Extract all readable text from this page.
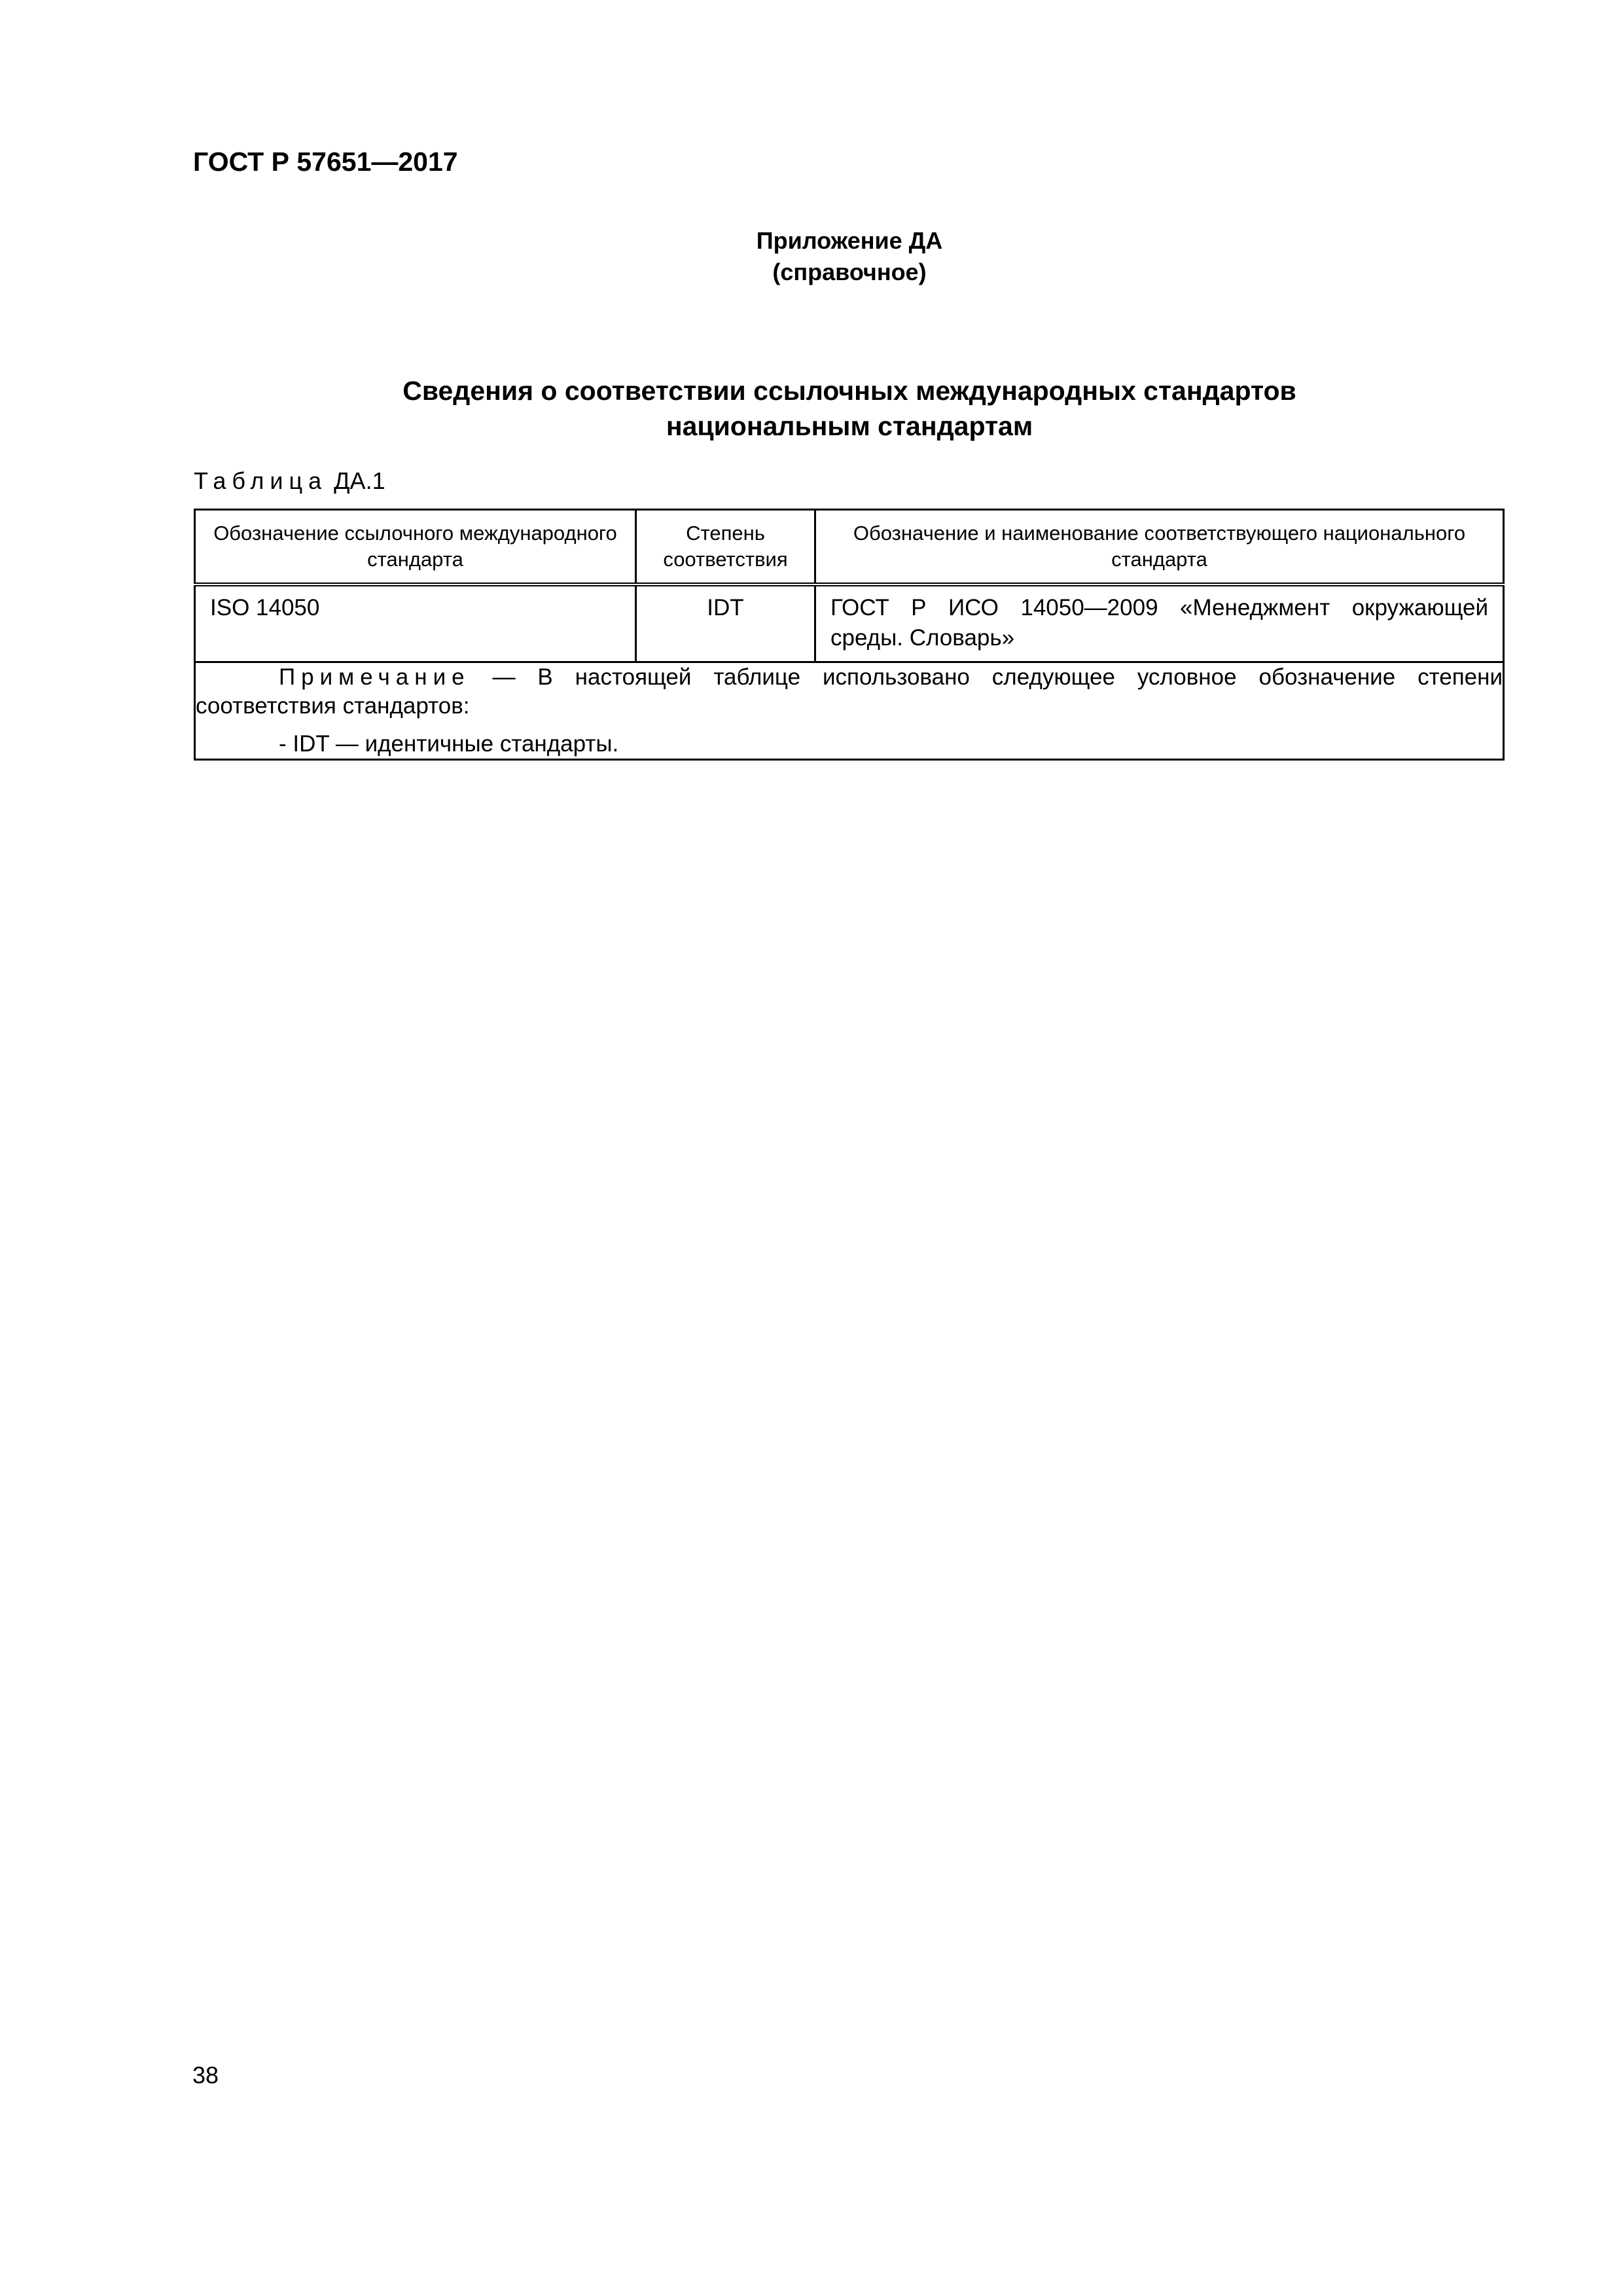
ГОСТ Р 57651—2017
Приложение ДА
(справочное)
Сведения о соответствии ссылочных международных стандартов
национальным стандартам
Таблица ДА.1
Обозначение ссылочного международного стандарта	Степень соответствия	Обозначение и наименование соответствующего национального стандарта
ISO 14050	IDT	ГОСТ Р ИСО 14050—2009 «Менеджмент окружающей среды. Словарь»

Примечание — В настоящей таблице использовано следующее условное обозначение степени соответствия стандартов:

- IDT — идентичные стандарты.		

38
